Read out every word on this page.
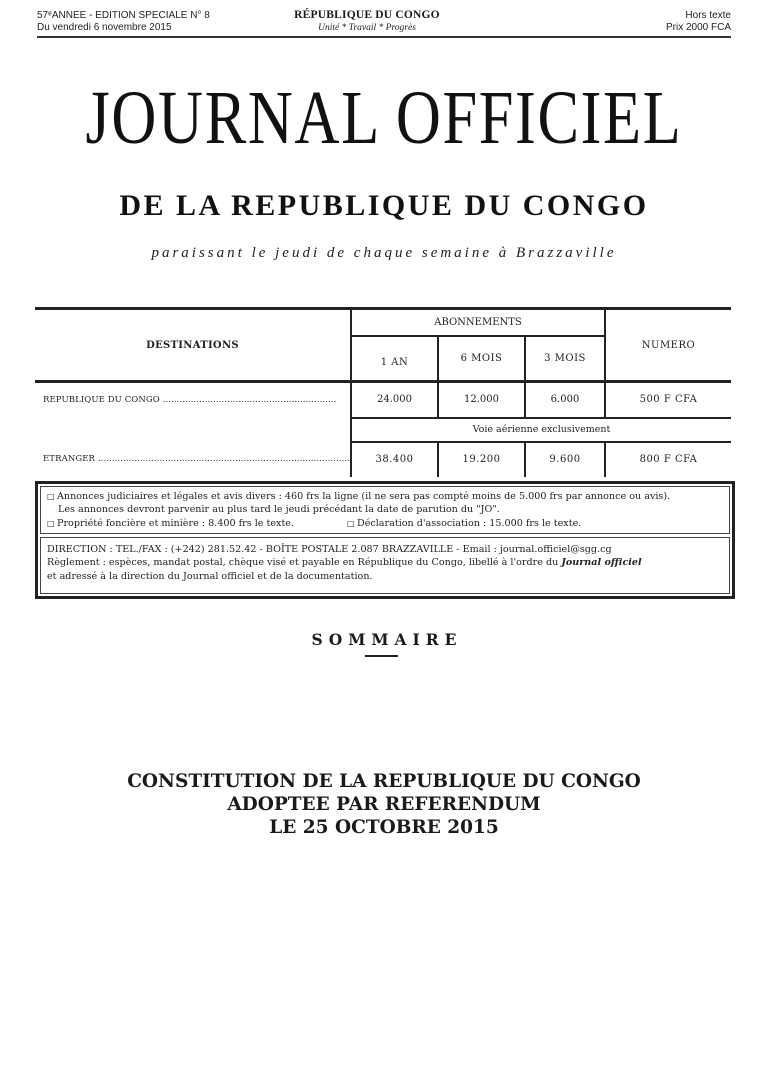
57ᵉANNEE - EDITION SPECIALE N° 8
Du vendredi 6 novembre 2015
RÉPUBLIQUE DU CONGO
Unité * Travail * Progrès
Hors texte
Prix 2000 FCA
JOURNAL OFFICIEL
DE LA REPUBLIQUE DU CONGO
paraissant le jeudi de chaque semaine à Brazzaville
DESTINATIONS	ABONNEMENTS			NUMERO
	1 AN	6 MOIS	3 MOIS	
REPUBLIQUE DU CONGO ..............................................................	24.000	12.000	6.000	500 F CFA
	Voie aérienne exclusivement			
ETRANGER ..........................................................................................	38.400	19.200	9.600	800 F CFA
□ Annonces judiciaires et légales et avis divers : 460 frs la ligne (il ne sera pas compté moins de 5.000 frs par annonce ou avis).
Les annonces devront parvenir au plus tard le jeudi précédant la date de parution du "JO".
□ Propriété foncière et minière : 8.400 frs le texte.	□ Déclaration d'association : 15.000 frs le texte.
DIRECTION : TEL./FAX : (+242) 281.52.42 - BOÎTE POSTALE 2.087 BRAZZAVILLE - Email : journal.officiel@sgg.cg
Règlement : espèces, mandat postal, chèque visé et payable en République du Congo, libellé à l'ordre du Journal officiel
et adressé à la direction du Journal officiel et de la documentation.
SOMMAIRE
CONSTITUTION DE LA REPUBLIQUE DU CONGO
ADOPTEE PAR REFERENDUM
LE 25 OCTOBRE 2015
